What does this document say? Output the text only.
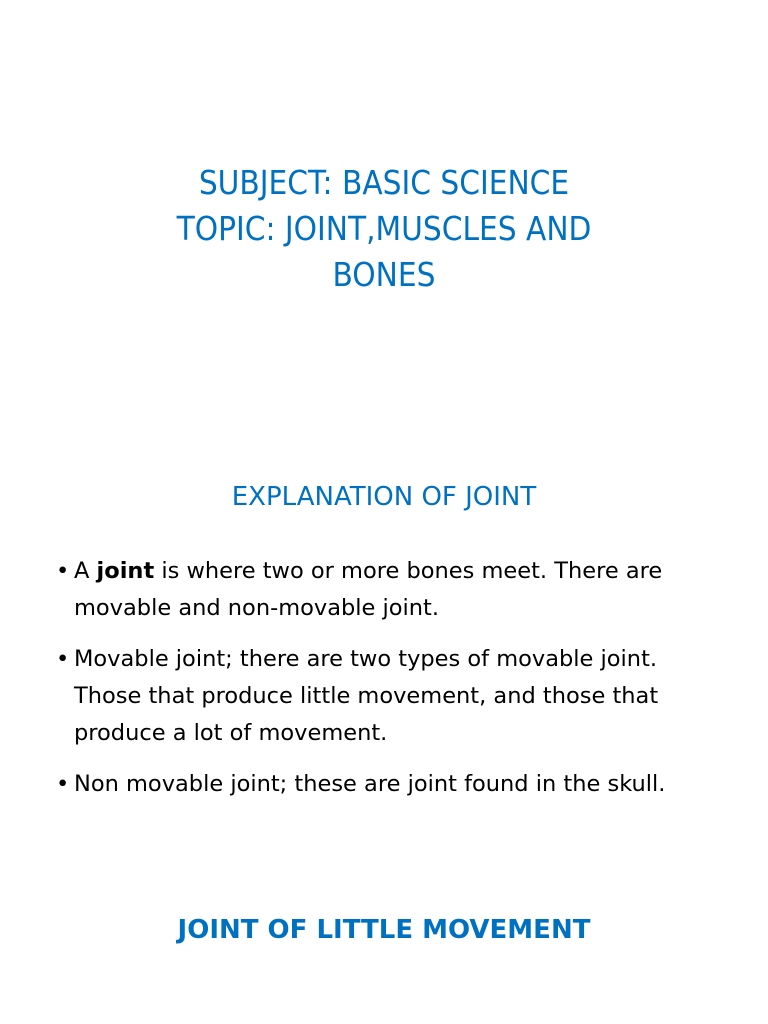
SUBJECT: BASIC SCIENCE
TOPIC: JOINT,MUSCLES AND
BONES
EXPLANATION OF JOINT
• A joint is where two or more bones meet. There are movable and non-movable joint.
• Movable joint; there are two types of movable joint. Those that produce little movement, and those that produce a lot of movement.
• Non movable joint; these are joint found in the skull.
JOINT OF LITTLE MOVEMENT
